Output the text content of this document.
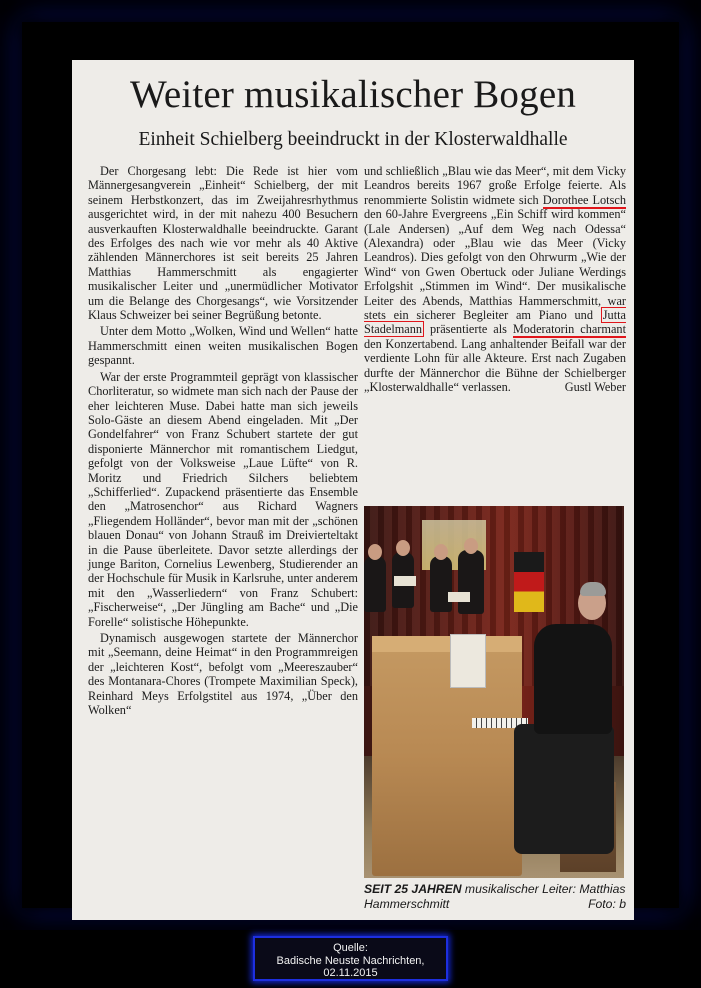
Weiter musikalischer Bogen
Einheit Schielberg beeindruckt in der Klosterwaldhalle

Der Chorgesang lebt: Die Rede ist hier vom Männergesangverein „Einheit“ Schielberg, der mit seinem Herbstkonzert, das im Zweijahresrhythmus ausgerichtet wird, in der mit nahezu 400 Besuchern ausverkauften Klosterwaldhalle beeindruckte. Garant des Erfolges des nach wie vor mehr als 40 Aktive zählenden Männerchores ist seit bereits 25 Jahren Matthias Hammerschmitt als engagierter musikalischer Leiter und „unermüdlicher Motivator um die Belange des Chorgesangs“, wie Vorsitzender Klaus Schweizer bei seiner Begrüßung betonte.

Unter dem Motto „Wolken, Wind und Wellen“ hatte Hammerschmitt einen weiten musikalischen Bogen gespannt.

War der erste Programmteil geprägt von klassischer Chorliteratur, so widmete man sich nach der Pause der eher leichteren Muse. Dabei hatte man sich jeweils Solo-Gäste an diesem Abend eingeladen. Mit „Der Gondelfahrer“ von Franz Schubert startete der gut disponierte Männerchor mit romantischem Liedgut, gefolgt von der Volksweise „Laue Lüfte“ von R. Moritz und Friedrich Silchers beliebtem „Schifferlied“. Zupackend präsentierte das Ensemble den „Matrosenchor“ aus Richard Wagners „Fliegendem Holländer“, bevor man mit der „schönen blauen Donau“ von Johann Strauß im Dreivierteltakt in die Pause überleitete. Davor setzte allerdings der junge Bariton, Cornelius Lewenberg, Studierender an der Hochschule für Musik in Karlsruhe, unter anderem mit den „Wasserliedern“ von Franz Schubert: „Fischerweise“, „Der Jüngling am Bache“ und „Die Forelle“ solistische Höhepunkte.

Dynamisch ausgewogen startete der Männerchor mit „Seemann, deine Heimat“ in den Programmreigen der „leichteren Kost“, befolgt vom „Meereszauber“ des Montanara-Chores (Trompete Maximilian Speck), Reinhard Meys Erfolgstitel aus 1974, „Über den Wolken“

und schließlich „Blau wie das Meer“, mit dem Vicky Leandros bereits 1967 große Erfolge feierte. Als renommierte Solistin widmete sich Dorothee Lotsch den 60-Jahre Evergreens „Ein Schiff wird kommen“ (Lale Andersen) „Auf dem Weg nach Odessa“ (Alexandra) oder „Blau wie das Meer (Vicky Leandros). Dies gefolgt von den Ohrwurm „Wie der Wind“ von Gwen Obertuck oder Juliane Werdings Erfolgshit „Stimmen im Wind“. Der musikalische Leiter des Abends, Matthias Hammerschmitt, war stets ein sicherer Begleiter am Piano und Jutta Stadelmann präsentierte als Moderatorin charmant den Konzertabend. Lang anhaltender Beifall war der verdiente Lohn für alle Akteure. Erst nach Zugaben durfte der Männerchor die Bühne der Schielberger „Klosterwaldhalle“ verlassen.	Gustl Weber

SEIT 25 JAHREN musikalischer Leiter: Matthias Hammerschmitt	Foto: b
Quelle:
Badische Neuste Nachrichten,
02.11.2015
